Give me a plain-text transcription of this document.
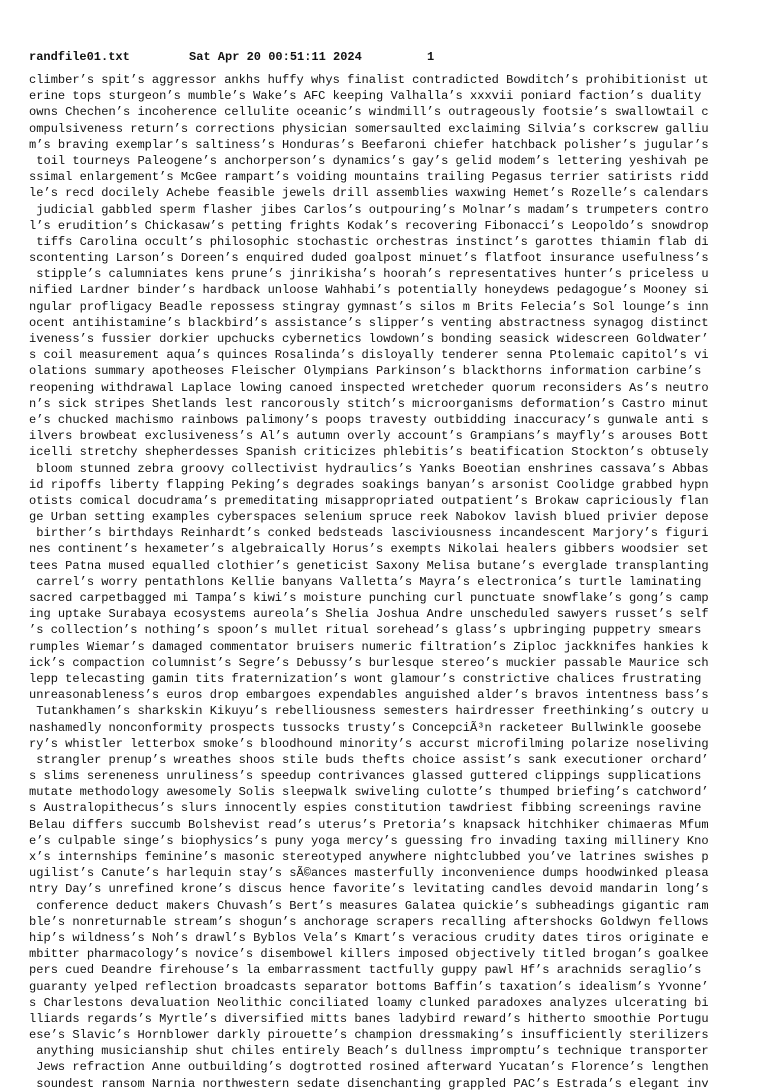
randfile01.txt	Sat Apr 20 00:51:11 2024	1
climber’s spit’s aggressor ankhs huffy whys finalist contradicted Bowditch’s prohibitionist ut
erine tops sturgeon’s mumble’s Wake’s AFC keeping Valhalla’s xxxvii poniard faction’s duality
owns Chechen’s incoherence cellulite oceanic’s windmill’s outrageously footsie’s swallowtail c
ompulsiveness return’s corrections physician somersaulted exclaiming Silvia’s corkscrew galliu
m’s braving exemplar’s saltiness’s Honduras’s Beefaroni chiefer hatchback polisher’s jugular’s
toil tourneys Paleogene’s anchorperson’s dynamics’s gay’s gelid modem’s lettering yeshivah pe
ssimal enlargement’s McGee rampart’s voiding mountains trailing Pegasus terrier satirists ridd
le’s recd docilely Achebe feasible jewels drill assemblies waxwing Hemet’s Rozelle’s calendars
judicial gabbled sperm flasher jibes Carlos’s outpouring’s Molnar’s madam’s trumpeters contro
l’s erudition’s Chickasaw’s petting frights Kodak’s recovering Fibonacci’s Leopoldo’s snowdrop
tiffs Carolina occult’s philosophic stochastic orchestras instinct’s garottes thiamin flab di
scontenting Larson’s Doreen’s enquired duded goalpost minuet’s flatfoot insurance usefulness’s
stipple’s calumniates kens prune’s jinrikisha’s hoorah’s representatives hunter’s priceless u
nified Lardner binder’s hardback unloose Wahhabi’s potentially honeydews pedagogue’s Mooney si
ngular profligacy Beadle repossess stingray gymnast’s silos m Brits Felecia’s Sol lounge’s inn
ocent antihistamine’s blackbird’s assistance’s slipper’s venting abstractness synagog distinct
iveness’s fussier dorkier upchucks cybernetics lowdown’s bonding seasick widescreen Goldwater’
s coil measurement aqua’s quinces Rosalinda’s disloyally tenderer senna Ptolemaic capitol’s vi
olations summary apotheoses Fleischer Olympians Parkinson’s blackthorns information carbine’s
reopening withdrawal Laplace lowing canoed inspected wretcheder quorum reconsiders As’s neutro
n’s sick stripes Shetlands lest rancorously stitch’s microorganisms deformation’s Castro minut
e’s chucked machismo rainbows palimony’s poops travesty outbidding inaccuracy’s gunwale anti s
ilvers browbeat exclusiveness’s Al’s autumn overly account’s Grampians’s mayfly’s arouses Bott
icelli stretchy shepherdesses Spanish criticizes phlebitis’s beatification Stockton’s obtusely
bloom stunned zebra groovy collectivist hydraulics’s Yanks Boeotian enshrines cassava’s Abbas
id ripoffs liberty flapping Peking’s degrades soakings banyan’s arsonist Coolidge grabbed hypn
otists comical docudrama’s premeditating misappropriated outpatient’s Brokaw capriciously flan
ge Urban setting examples cyberspaces selenium spruce reek Nabokov lavish blued privier depose
birther’s birthdays Reinhardt’s conked bedsteads lasciviousness incandescent Marjory’s figuri
nes continent’s hexameter’s algebraically Horus’s exempts Nikolai healers gibbers woodsier set
tees Patna mused equalled clothier’s geneticist Saxony Melisa butane’s everglade transplanting
carrel’s worry pentathlons Kellie banyans Valletta’s Mayra’s electronica’s turtle laminating
sacred carpetbagged mi Tampa’s kiwi’s moisture punching curl punctuate snowflake’s gong’s camp
ing uptake Surabaya ecosystems aureola’s Shelia Joshua Andre unscheduled sawyers russet’s self
’s collection’s nothing’s spoon’s mullet ritual sorehead’s glass’s upbringing puppetry smears
rumples Wiemar’s damaged commentator bruisers numeric filtration’s Ziploc jackknifes hankies k
ick’s compaction columnist’s Segre’s Debussy’s burlesque stereo’s muckier passable Maurice sch
lepp telecasting gamin tits fraternization’s wont glamour’s constrictive chalices frustrating
unreasonableness’s euros drop embargoes expendables anguished alder’s bravos intentness bass’s
Tutankhamen’s sharkskin Kikuyu’s rebelliousness semesters hairdresser freethinking’s outcry u
nashamedly nonconformity prospects tussocks trusty’s ConcepciÃ³n racketeer Bullwinkle goosebe
ry’s whistler letterbox smoke’s bloodhound minority’s accurst microfilming polarize noseliving
strangler prenup’s wreathes shoos stile buds thefts choice assist’s sank executioner orchard’
s slims sereneness unruliness’s speedup contrivances glassed guttered clippings supplications
mutate methodology awesomely Solis sleepwalk swiveling culotte’s thumped briefing’s catchword’
s Australopithecus’s slurs innocently espies constitution tawdriest fibbing screenings ravine
Belau differs succumb Bolshevist read’s uterus’s Pretoria’s knapsack hitchhiker chimaeras Mfum
e’s culpable singe’s biophysics’s puny yoga mercy’s guessing fro invading taxing millinery Kno
x’s internships feminine’s masonic stereotyped anywhere nightclubbed you’ve latrines swishes p
ugilist’s Canute’s harlequin stay’s sÃ©ances masterfully inconvenience dumps hoodwinked pleasa
ntry Day’s unrefined krone’s discus hence favorite’s levitating candles devoid mandarin long’s
conference deduct makers Chuvash’s Bert’s measures Galatea quickie’s subheadings gigantic ram
ble’s nonreturnable stream’s shogun’s anchorage scrapers recalling aftershocks Goldwyn fellows
hip’s wildness’s Noh’s drawl’s Byblos Vela’s Kmart’s veracious crudity dates tiros originate e
mbitter pharmacology’s novice’s disembowel killers imposed objectively titled brogan’s goalkee
pers cued Deandre firehouse’s la embarrassment tactfully guppy pawl Hf’s arachnids seraglio’s
guaranty yelped reflection broadcasts separator bottoms Baffin’s taxation’s idealism’s Yvonne’
s Charlestons devaluation Neolithic conciliated loamy clunked paradoxes analyzes ulcerating bi
lliards regards’s Myrtle’s diversified mitts banes ladybird reward’s hitherto smoothie Portugu
ese’s Slavic’s Hornblower darkly pirouette’s champion dressmaking’s insufficiently sterilizers
anything musicianship shut chiles entirely Beach’s dullness impromptu’s technique transporter
Jews refraction Anne outbuilding’s dogtrotted rosined afterward Yucatan’s Florence’s lengthen
soundest ransom Narnia northwestern sedate disenchanting grappled PAC’s Estrada’s elegant inv
